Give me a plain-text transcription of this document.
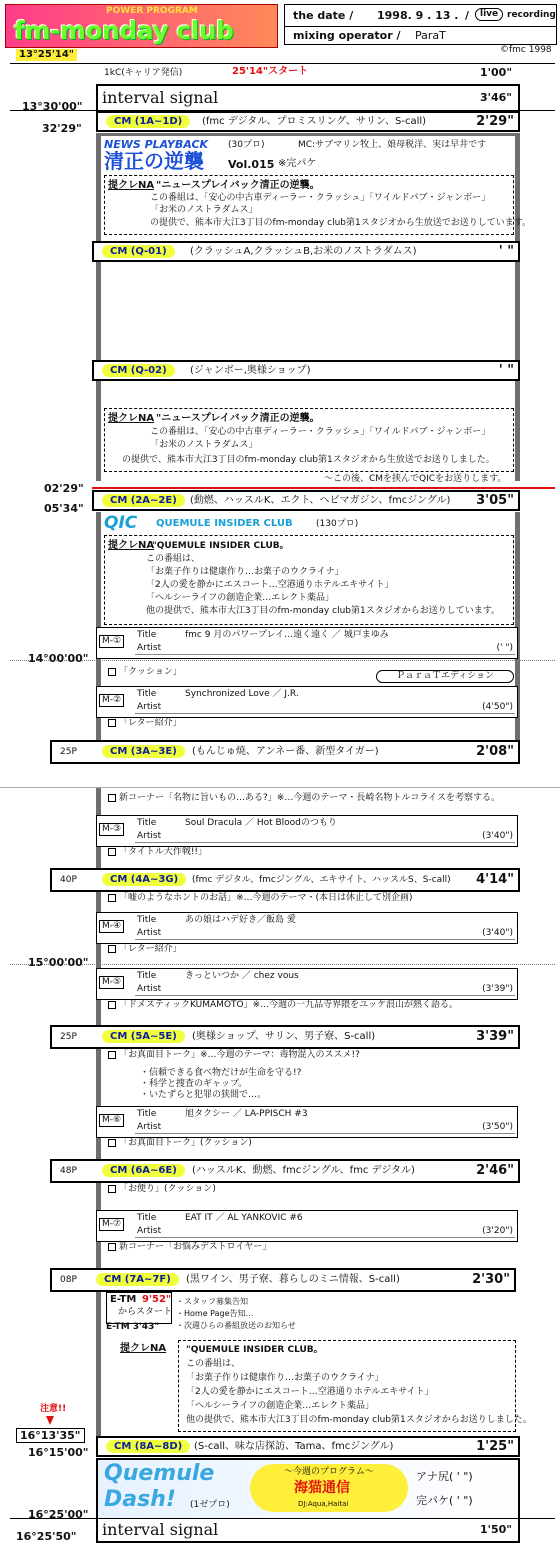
POWER PROGRAM
fm-monday club
the date / 1998. 9 . 13 . /	live recording
mixing operator / ParaT
©fmc 1998
13°25'14"
1kC(キャリア発信)	25'14"スタート	1'00"
interval signal	3'46"
13°30'00"
32'29"
CM (1A~1D)	(fmc デジタル、プロミスリング、サリン、S-call)	2'29"
NEWS PLAYBACK (30プロ)	MC:サブマリン牧上、娘母税洋、実は早井です
清正の逆襲 Vol.015 ※完パケ
提クレNA "ニュースプレイバック清正の逆襲。
この番組は、「安心の中古車ディーラー・クラッシュ」「ワイルドパブ・ジャンボー」
「お米のノストラダムス」
の提供で、熊本市大江3丁目のfm-monday club第1スタジオから生放送でお送りしています。
CM (Q-01)	(クラッシュA,クラッシュB,お米のノストラダムス)	' "
CM (Q-02)	(ジャンボー,奥様ショップ)	' "
提クレNA "ニュースプレイバック清正の逆襲。
この番組は、「安心の中古車ディーラー・クラッシュ」「ワイルドパブ・ジャンボー」
「お米のノストラダムス」
の提供で、熊本市大江3丁目のfm-monday club第1スタジオから生放送でお送りしました。
〜この後、CMを挟んでQICをお送りします。
02'29"
05'34"
CM (2A~2E)	(動燃、ハッスルK、エクト、ヘビマガジン、fmcジングル) 3'05"
QIC QUEMULE INSIDER CLUB	(130プロ)
提クレNA
"QUEMULE INSIDER CLUB。
この番組は、
「お菓子作りは健康作り…お菓子のウクライナ」
「2人の愛を静かにエスコート…空港通りホテルエキサイト」
「ヘルシーライフの創造企業…エレクト薬品」
他の提供で、熊本市大江3丁目のfm-monday club第1スタジオからお送りしています。
M-①
Title	fmc 9 月のパワープレイ…遠く遠く ／ 城戸まゆみ
Artist	(' ")
14°00'00"
「クッション」	ＰａｒａＴエディション
M-②
Title	Synchronized Love ／ J.R.
Artist	(4'50")
「レター紹介」
25P	CM (3A~3E)	(もんじゅ焼、アンネー番、新型タイガー)	2'08"
新コーナー「名物に旨いもの…ある?」※…今週のテーマ・長崎名物トルコライスを考察する。
M-③
Title	Soul Dracula ／ Hot Bloodのつもり
Artist	(3'40")
「タイトル大作戦!!」
40P	CM (4A~3G)	(fmc デジタル、fmcジングル、エキサイト、ハッスルS、S-call) 4'14"
「嘘のようなホントのお話」※…今週のテーマ・(本日は休止して別企画)
M-④
Title	あの娘はハデ好き／飯島 愛
Artist	(3'40")
「レター紹介」
15°00'00"
M-⑤
Title	きっといつか ／ chez vous
Artist	(3'39")
「ドメスティックKUMAMOTO」※…今週の一九品寺界隈をユッケ浪山が熱く語る。
25P	CM (5A~5E)	(奥様ショップ、サリン、男子寮、S-call)	3'39"
「お真面目トーク」※…今週のテーマ：毒物混入のススメ!?
・信頼できる食べ物だけが生命を守る!?
・科学と捜査のギャップ。
・いたずらと犯罪の狭間で…。
M-⑥
Title	旭タクシー ／ LA-PPISCH #3
Artist	(3'50")
「お真面目トーク」(クッション)
48P	CM (6A~6E)	(ハッスルK、動燃、fmcジングル、fmc デジタル)	2'46"
「お便り」(クッション)
M-⑦
Title	EAT IT ／ AL YANKOVIC #6
Artist	(3'20")
新コーナー「お悩みデストロイヤー」
08P	CM (7A~7F)	(黒ワイン、男子寮、暮らしのミニ情報、S-call)	2'30"
E-TM 9'52"
からスタート
E-TM 3'43"
・スタッフ募集告知
・Home Page告知…
・次週ひらの番組放送のお知らせ
提クレNA "QUEMULE INSIDER CLUB。
この番組は、
「お菓子作りは健康作り…お菓子のウクライナ」
「2人の愛を静かにエスコート…空港通りホテルエキサイト」
「ヘルシーライフの創造企業…エレクト薬品」
他の提供で、熊本市大江3丁目のfm-monday club第1スタジオからお送りしました。
注意!!
16°13'35"
16°15'00"	CM (8A~8D)	(S-call、味な店探訪、Tama、fmcジングル)	1'25"
Quemule
Dash! (1ゼプロ)
〜今週のプログラム〜
海猫通信
DJ:Aqua,Haitai
アナ尻( ' ")
完パケ( ' ")
16°25'00"
interval signal	1'50"
16°25'50"
